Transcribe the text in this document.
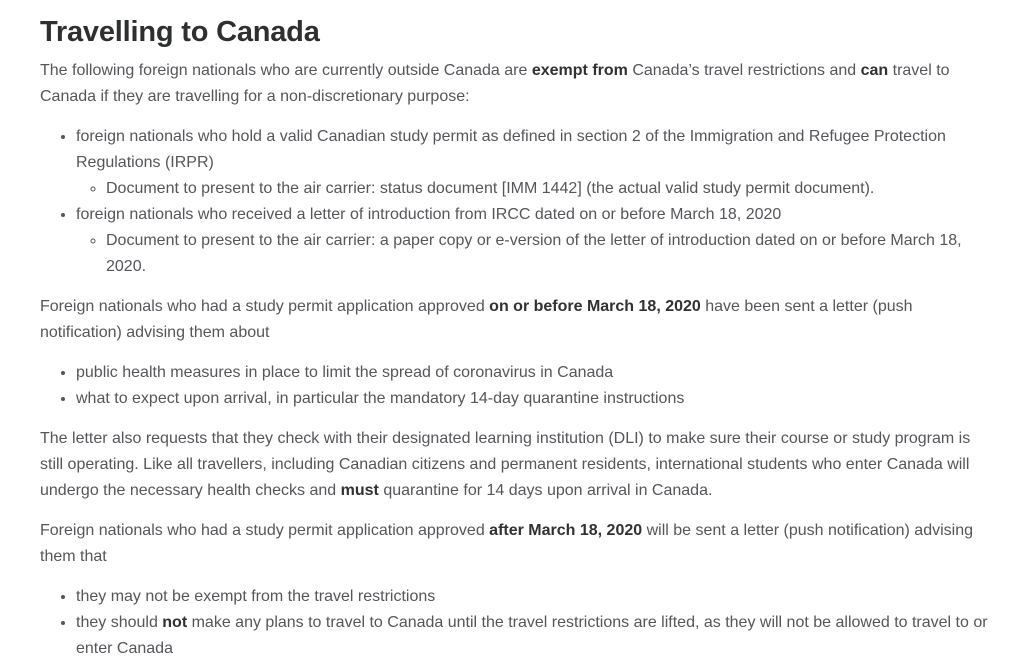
Travelling to Canada

The following foreign nationals who are currently outside Canada are exempt from Canada’s travel restrictions and can travel to Canada if they are travelling for a non-discretionary purpose:

• foreign nationals who hold a valid Canadian study permit as defined in section 2 of the Immigration and Refugee Protection Regulations (IRPR)
◦ Document to present to the air carrier: status document [IMM 1442] (the actual valid study permit document).
• foreign nationals who received a letter of introduction from IRCC dated on or before March 18, 2020
◦ Document to present to the air carrier: a paper copy or e-version of the letter of introduction dated on or before March 18, 2020.

Foreign nationals who had a study permit application approved on or before March 18, 2020 have been sent a letter (push notification) advising them about

• public health measures in place to limit the spread of coronavirus in Canada
• what to expect upon arrival, in particular the mandatory 14-day quarantine instructions

The letter also requests that they check with their designated learning institution (DLI) to make sure their course or study program is still operating. Like all travellers, including Canadian citizens and permanent residents, international students who enter Canada will undergo the necessary health checks and must quarantine for 14 days upon arrival in Canada.

Foreign nationals who had a study permit application approved after March 18, 2020 will be sent a letter (push notification) advising them that

• they may not be exempt from the travel restrictions
• they should not make any plans to travel to Canada until the travel restrictions are lifted, as they will not be allowed to travel to or enter Canada
